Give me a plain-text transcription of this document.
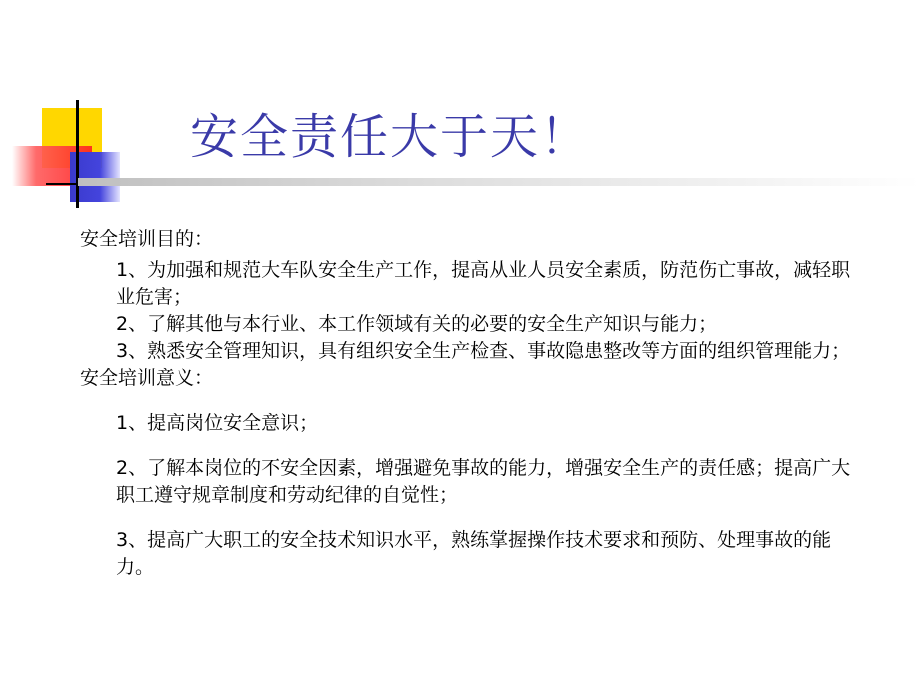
安全责任大于天！
安全培训目的：
1、为加强和规范大车队安全生产工作，提高从业人员安全素质，防范伤亡事故，减轻职业危害；
2、了解其他与本行业、本工作领域有关的必要的安全生产知识与能力；
3、熟悉安全管理知识，具有组织安全生产检查、事故隐患整改等方面的组织管理能力；
安全培训意义：
1、提高岗位安全意识；
2、了解本岗位的不安全因素，增强避免事故的能力，增强安全生产的责任感；提高广大职工遵守规章制度和劳动纪律的自觉性；
3、提高广大职工的安全技术知识水平，熟练掌握操作技术要求和预防、处理事故的能力。
